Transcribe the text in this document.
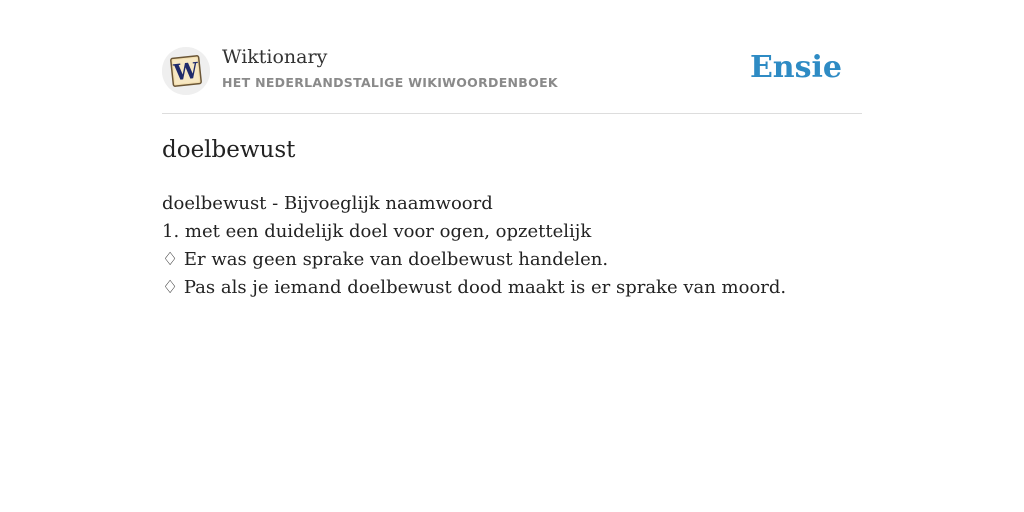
W
Wiktionary
HET NEDERLANDSTALIGE WIKIWOORDENBOEK	Ensie
doelbewust
doelbewust - Bijvoeglijk naamwoord
1. met een duidelijk doel voor ogen, opzettelijk
♢ Er was geen sprake van doelbewust handelen.
♢ Pas als je iemand doelbewust dood maakt is er sprake van moord.
